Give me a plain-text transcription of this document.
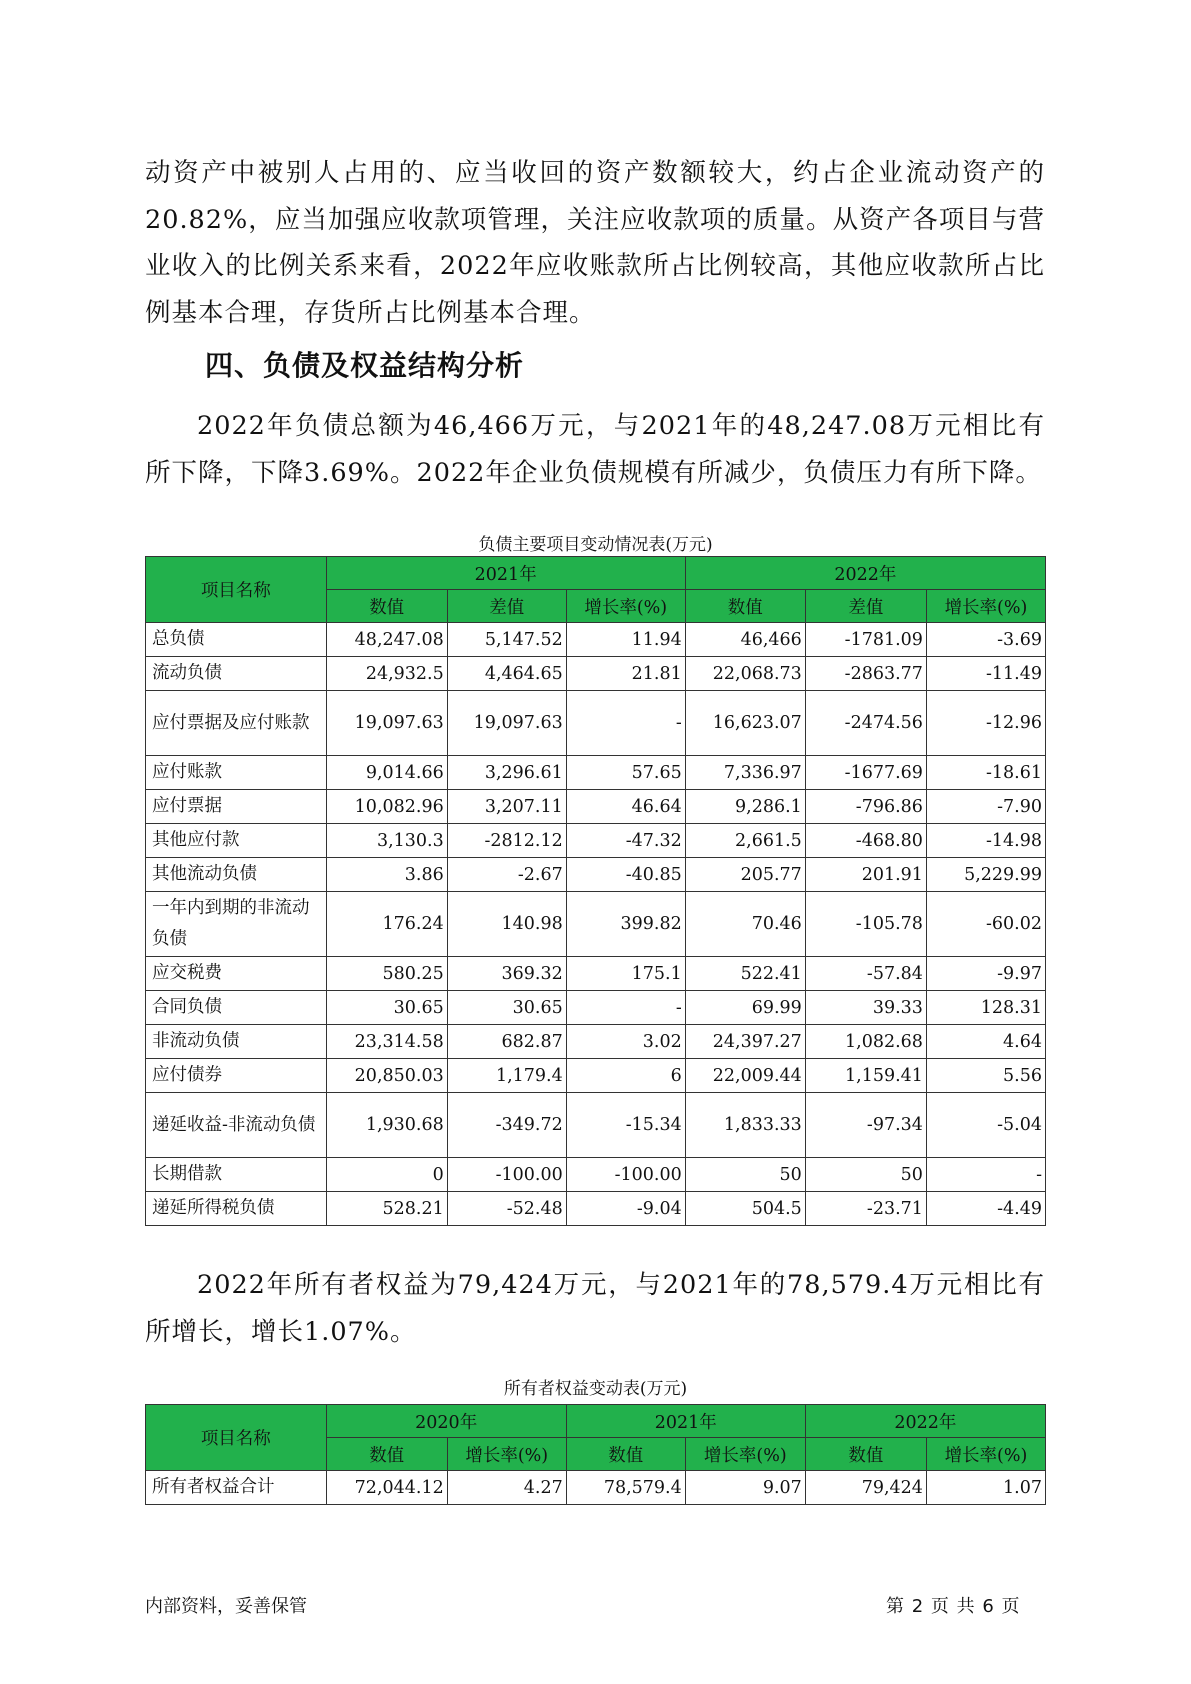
动资产中被别人占用的、应当收回的资产数额较大，约占企业流动资产的20.82%，应当加强应收款项管理，关注应收款项的质量。从资产各项目与营业收入的比例关系来看，2022年应收账款所占比例较高，其他应收款所占比例基本合理，存货所占比例基本合理。

四、负债及权益结构分析

2022年负债总额为46,466万元，与2021年的48,247.08万元相比有所下降，下降3.69%。2022年企业负债规模有所减少，负债压力有所下降。

负债主要项目变动情况表(万元)
项目名称	2021年			2022年		
	数值	差值	增长率(%)	数值	差值	增长率(%)
总负债	48,247.08	5,147.52	11.94	46,466	-1781.09	-3.69
流动负债	24,932.5	4,464.65	21.81	22,068.73	-2863.77	-11.49
应付票据及应付账款	19,097.63	19,097.63	-	16,623.07	-2474.56	-12.96
应付账款	9,014.66	3,296.61	57.65	7,336.97	-1677.69	-18.61
应付票据	10,082.96	3,207.11	46.64	9,286.1	-796.86	-7.90
其他应付款	3,130.3	-2812.12	-47.32	2,661.5	-468.80	-14.98
其他流动负债	3.86	-2.67	-40.85	205.77	201.91	5,229.99
一年内到期的非流动负债	176.24	140.98	399.82	70.46	-105.78	-60.02
应交税费	580.25	369.32	175.1	522.41	-57.84	-9.97
合同负债	30.65	30.65	-	69.99	39.33	128.31
非流动负债	23,314.58	682.87	3.02	24,397.27	1,082.68	4.64
应付债券	20,850.03	1,179.4	6	22,009.44	1,159.41	5.56
递延收益-非流动负债	1,930.68	-349.72	-15.34	1,833.33	-97.34	-5.04
长期借款	0	-100.00	-100.00	50	50	-
递延所得税负债	528.21	-52.48	-9.04	504.5	-23.71	-4.49

2022年所有者权益为79,424万元，与2021年的78,579.4万元相比有所增长，增长1.07%。

所有者权益变动表(万元)
项目名称	2020年		2021年		2022年	
	数值	增长率(%)	数值	增长率(%)	数值	增长率(%)
所有者权益合计	72,044.12	4.27	78,579.4	9.07	79,424	1.07
内部资料，妥善保管	第 2 页 共 6 页
